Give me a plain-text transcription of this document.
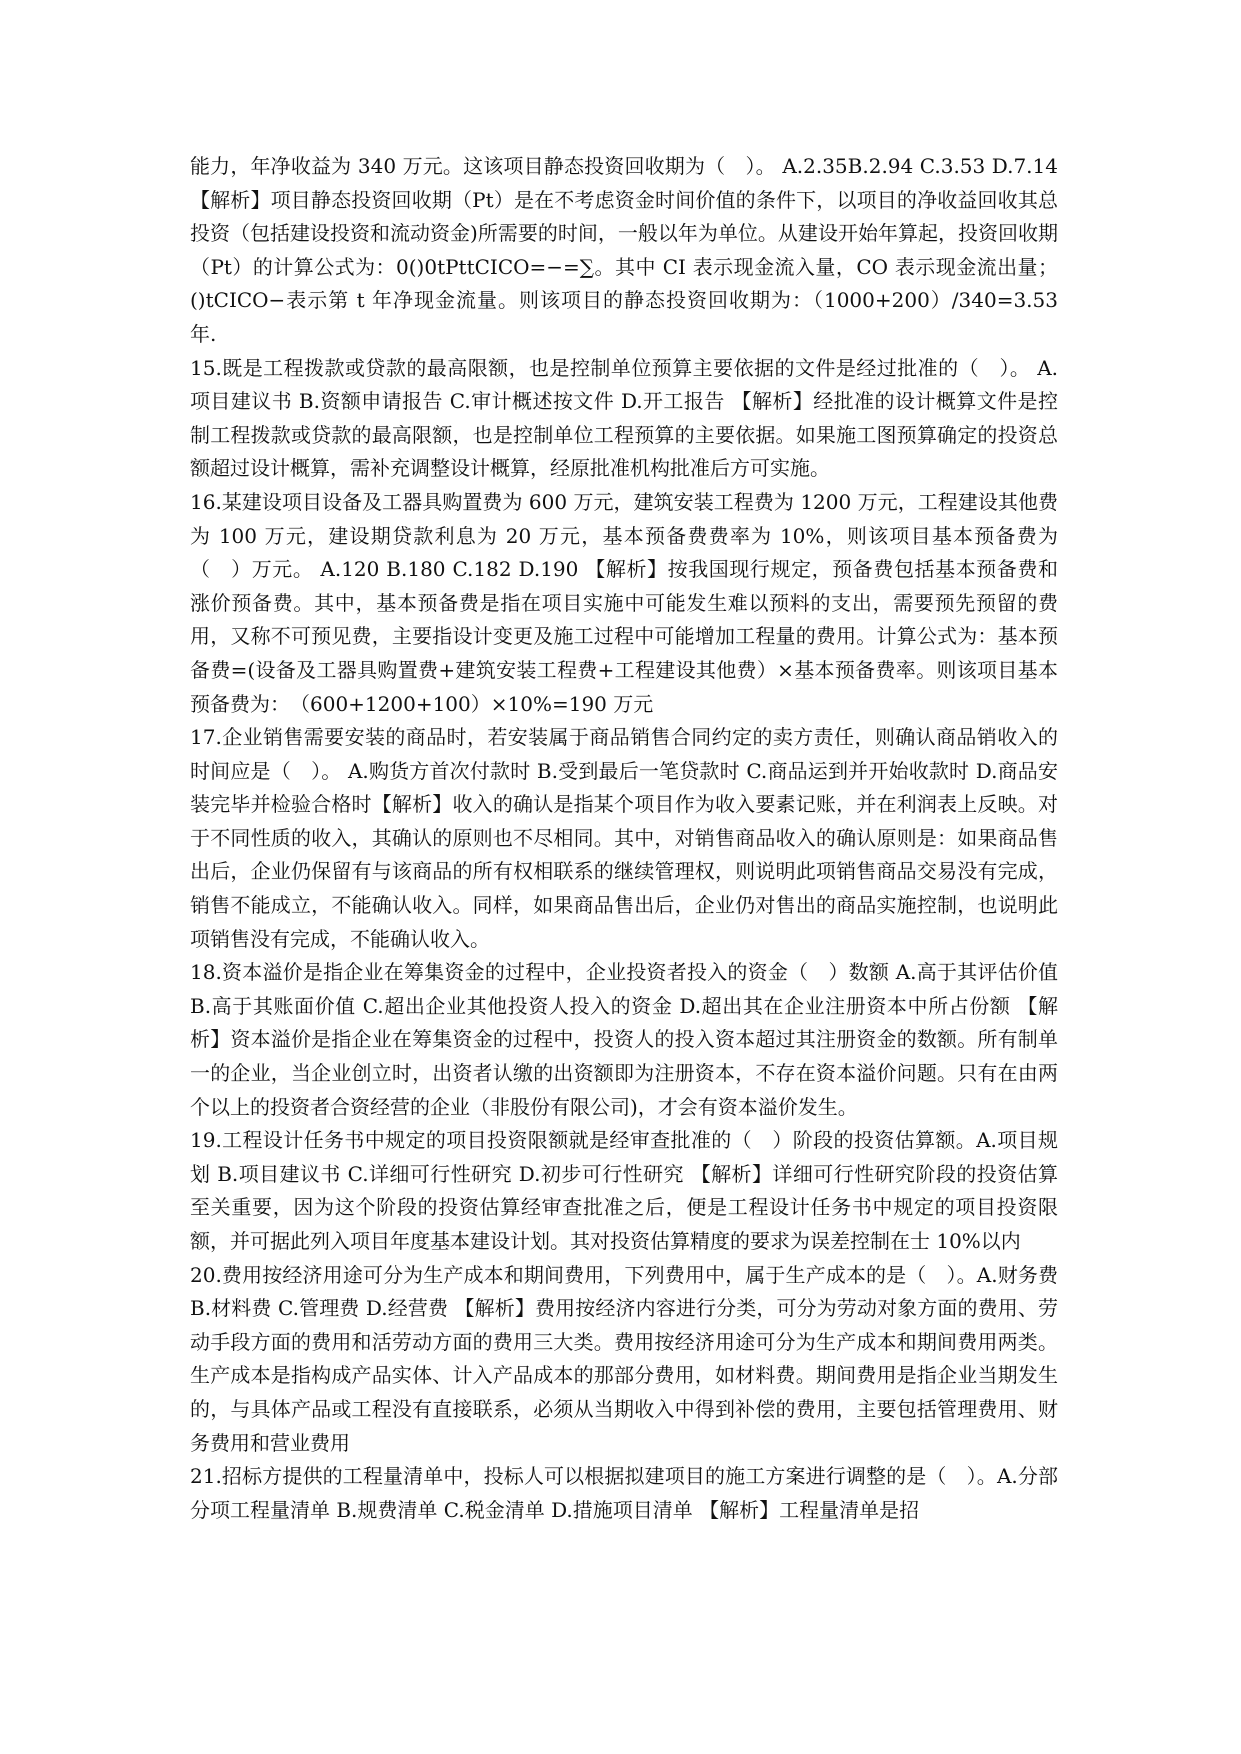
能力，年净收益为 340 万元。这该项目静态投资回收期为（　）。 A.2.35B.2.94 C.3.53 D.7.14 【解析】项目静态投资回收期（Pt）是在不考虑资金时间价值的条件下，以项目的净收益回收其总投资（包括建设投资和流动资金)所需要的时间，一般以年为单位。从建设开始年算起，投资回收期（Pt）的计算公式为：0()0tPttCICO=−=∑。其中 CI 表示现金流入量，CO 表示现金流出量；()tCICO−表示第 t 年净现金流量。则该项目的静态投资回收期为：（1000+200）/340=3.53 年.

15.既是工程拨款或贷款的最高限额，也是控制单位预算主要依据的文件是经过批准的（　）。 A.项目建议书 B.资额申请报告 C.审计概述按文件 D.开工报告 【解析】经批准的设计概算文件是控制工程拨款或贷款的最高限额，也是控制单位工程预算的主要依据。如果施工图预算确定的投资总额超过设计概算，需补充调整设计概算，经原批准机构批准后方可实施。

16.某建设项目设备及工器具购置费为 600 万元，建筑安装工程费为 1200 万元，工程建设其他费为 100 万元，建设期贷款利息为 20 万元，基本预备费费率为 10%，则该项目基本预备费为（　）万元。 A.120 B.180 C.182 D.190 【解析】按我国现行规定，预备费包括基本预备费和涨价预备费。其中，基本预备费是指在项目实施中可能发生难以预料的支出，需要预先预留的费用，又称不可预见费，主要指设计变更及施工过程中可能增加工程量的费用。计算公式为：基本预备费=(设备及工器具购置费+建筑安装工程费+工程建设其他费）×基本预备费率。则该项目基本预备费为：　（600+1200+100）×10%=190 万元

17.企业销售需要安装的商品时，若安装属于商品销售合同约定的卖方责任，则确认商品销收入的时间应是（　）。 A.购货方首次付款时 B.受到最后一笔贷款时 C.商品运到并开始收款时 D.商品安装完毕并检验合格时【解析】收入的确认是指某个项目作为收入要素记账，并在利润表上反映。对于不同性质的收入，其确认的原则也不尽相同。其中，对销售商品收入的确认原则是：如果商品售出后，企业仍保留有与该商品的所有权相联系的继续管理权，则说明此项销售商品交易没有完成，销售不能成立，不能确认收入。同样，如果商品售出后，企业仍对售出的商品实施控制，也说明此项销售没有完成，不能确认收入。

18.资本溢价是指企业在筹集资金的过程中，企业投资者投入的资金（　）数额 A.高于其评估价值 B.高于其账面价值 C.超出企业其他投资人投入的资金 D.超出其在企业注册资本中所占份额 【解析】资本溢价是指企业在筹集资金的过程中，投资人的投入资本超过其注册资金的数额。所有制单一的企业，当企业创立时，出资者认缴的出资额即为注册资本，不存在资本溢价问题。只有在由两个以上的投资者合资经营的企业（非股份有限公司)，才会有资本溢价发生。

19.工程设计任务书中规定的项目投资限额就是经审查批准的（　）阶段的投资估算额。A.项目规划 B.项目建议书 C.详细可行性研究 D.初步可行性研究 【解析】详细可行性研究阶段的投资估算至关重要，因为这个阶段的投资估算经审查批准之后，便是工程设计任务书中规定的项目投资限额，并可据此列入项目年度基本建设计划。其对投资估算精度的要求为误差控制在士 10%以内

20.费用按经济用途可分为生产成本和期间费用，下列费用中，属于生产成本的是（　）。A.财务费 B.材料费 C.管理费 D.经营费 【解析】费用按经济内容进行分类，可分为劳动对象方面的费用、劳动手段方面的费用和活劳动方面的费用三大类。费用按经济用途可分为生产成本和期间费用两类。生产成本是指构成产品实体、计入产品成本的那部分费用，如材料费。期间费用是指企业当期发生的，与具体产品或工程没有直接联系，必须从当期收入中得到补偿的费用，主要包括管理费用、财务费用和营业费用

21.招标方提供的工程量清单中，投标人可以根据拟建项目的施工方案进行调整的是（　）。A.分部分项工程量清单 B.规费清单 C.税金清单 D.措施项目清单 【解析】工程量清单是招
